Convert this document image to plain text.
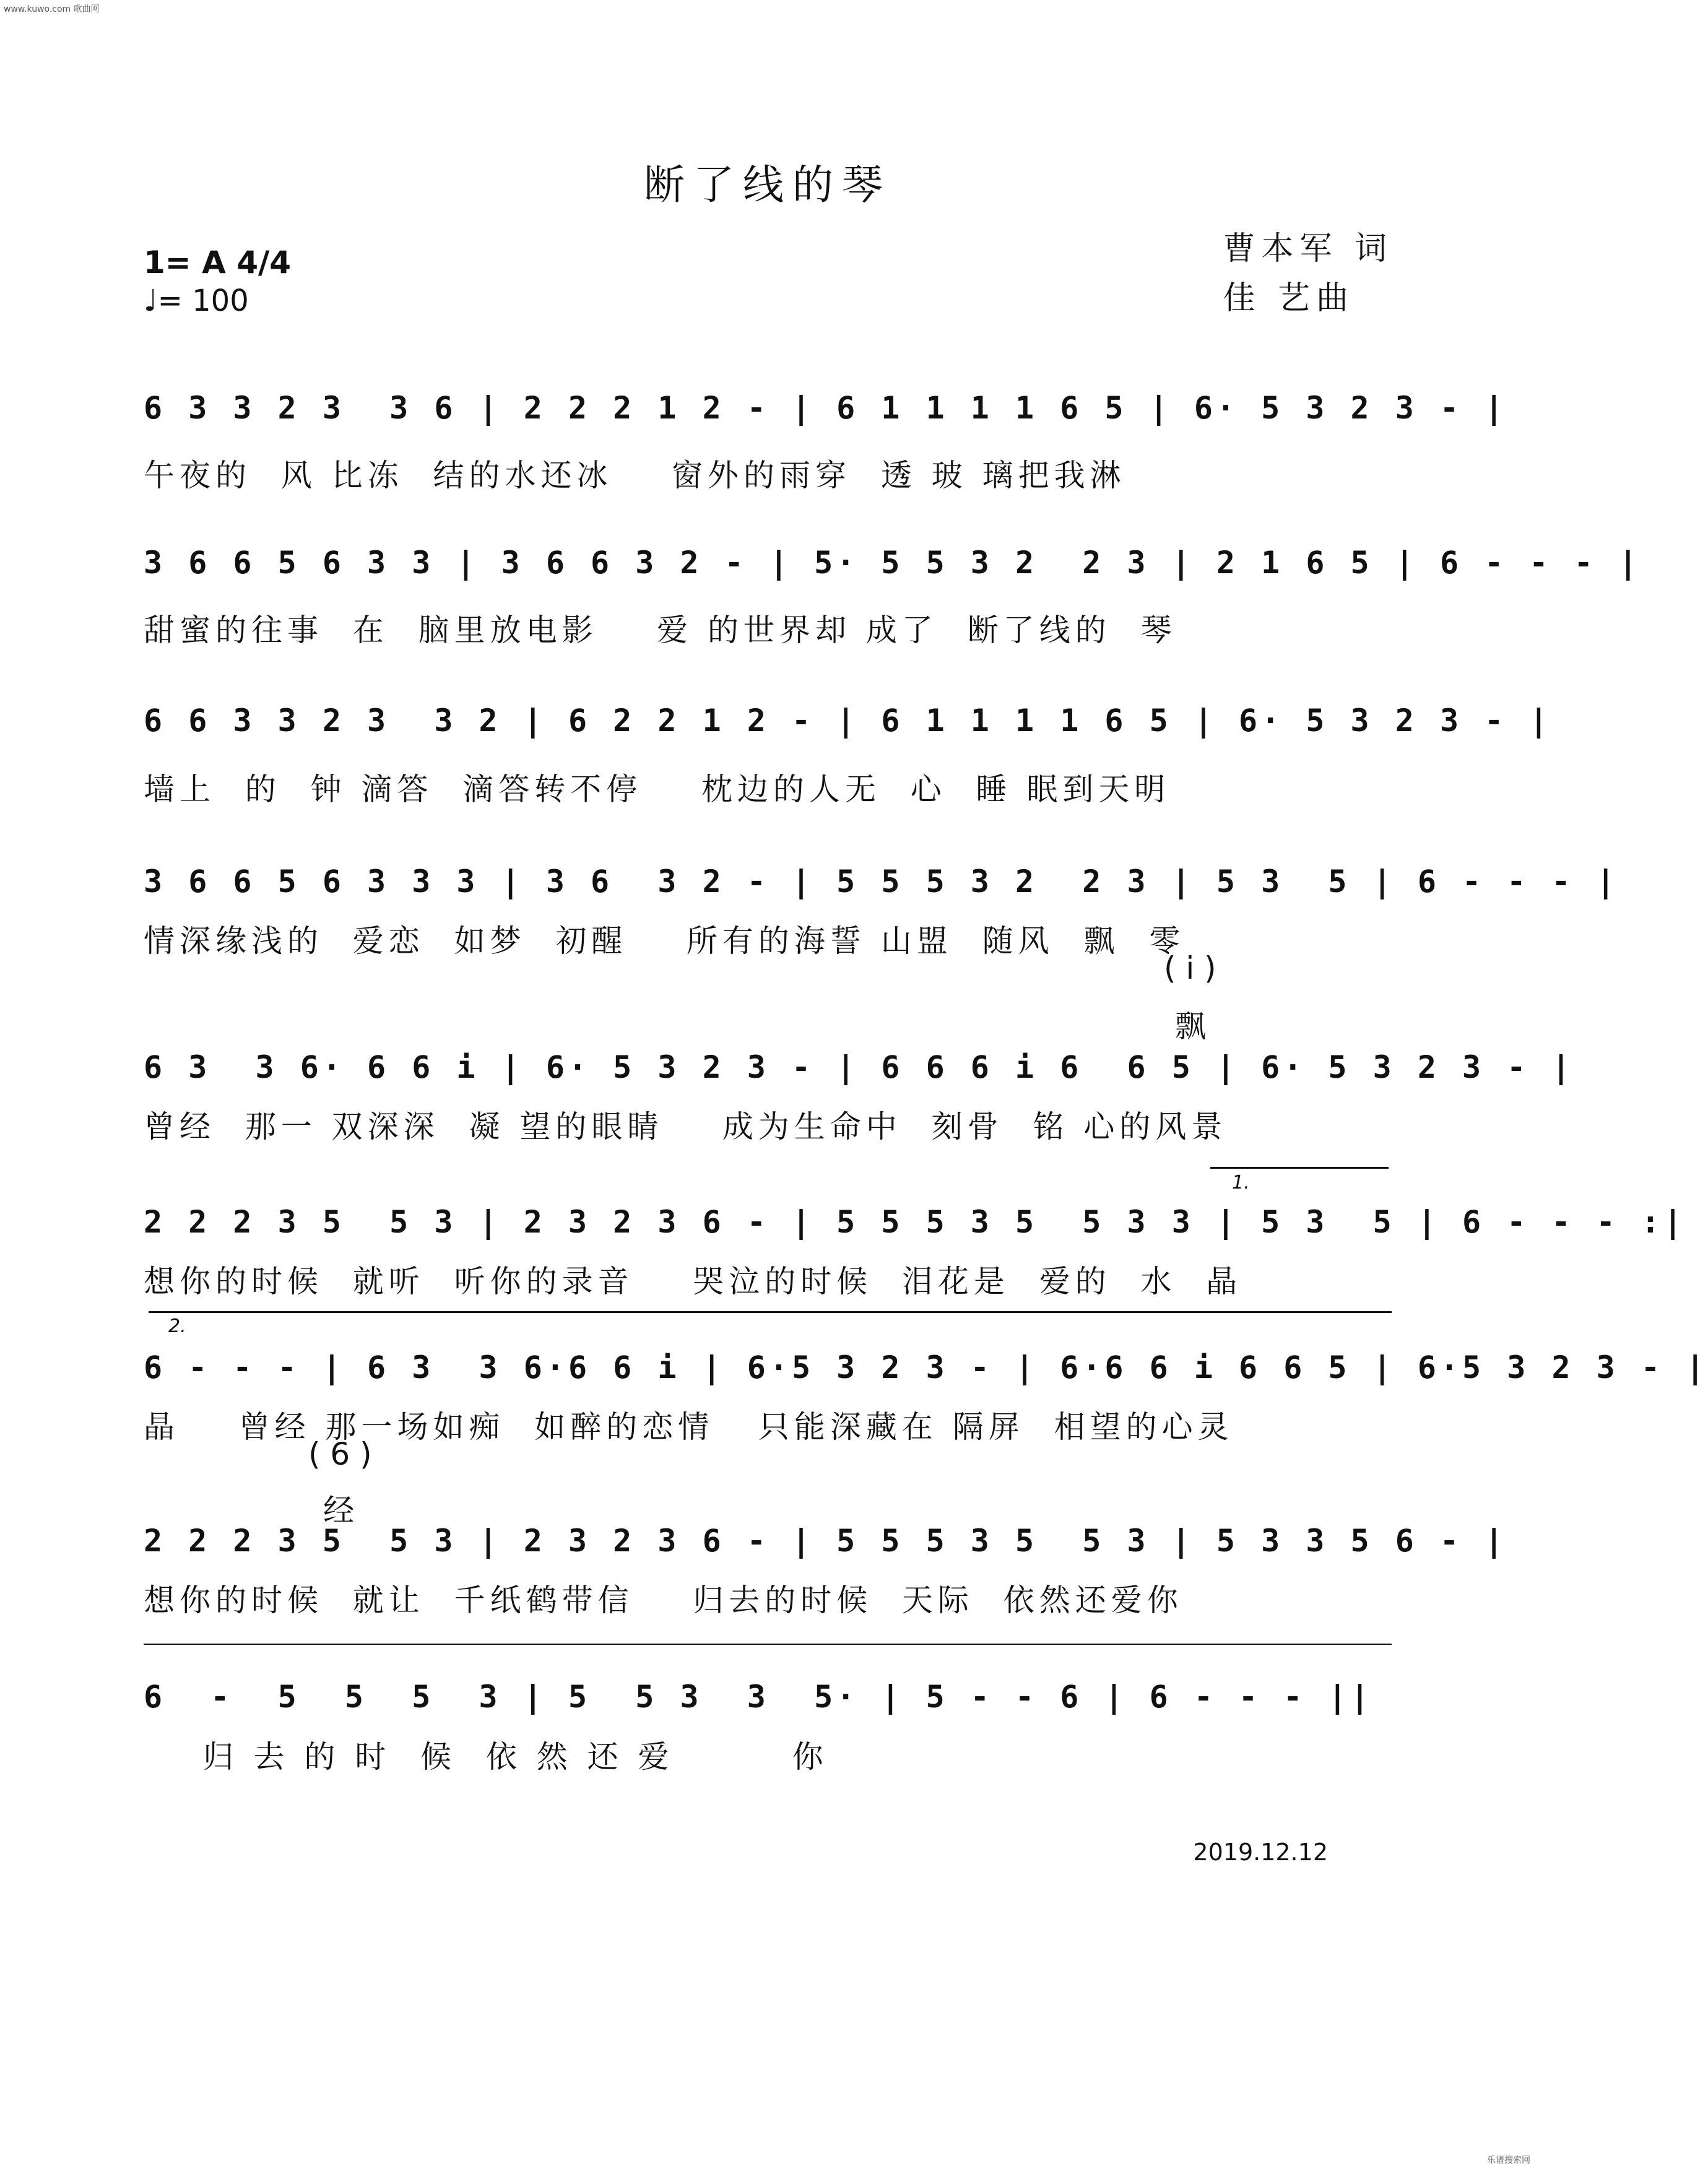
www.kuwo.com 歌曲网
乐谱搜索网
断了线的琴
1= A 4/4
♩= 100
曹本军 词
佳 艺曲
6 3 3 2 3  3 6 | 2 2 2 1 2 - | 6 1 1 1 1 6 5 | 6· 5 3 2 3 - |
午夜的  风 比冻  结的水还冰    窗外的雨穿  透 玻 璃把我淋
3 6 6 5 6 3 3 | 3 6 6 3 2 - | 5· 5 5 3 2  2 3 | 2 1 6 5 | 6 - - - |
甜蜜的往事  在  脑里放电影    爱 的世界却 成了  断了线的  琴
6 6 3 3 2 3  3 2 | 6 2 2 1 2 - | 6 1 1 1 1 6 5 | 6· 5 3 2 3 - |
墙上  的  钟 滴答  滴答转不停    枕边的人无  心  睡 眠到天明
3 6 6 5 6 3 3 3 | 3 6  3 2 - | 5 5 5 3 2  2 3 | 5 3  5 | 6 - - - |
情深缘浅的  爱恋  如梦  初醒    所有的海誓 山盟  随风  飘  零
( i )
飘
6 3  3 6· 6 6 i | 6· 5 3 2 3 - | 6 6 6 i 6  6 5 | 6· 5 3 2 3 - |
曾经  那一 双深深  凝 望的眼睛    成为生命中  刻骨  铭 心的风景
1.
2 2 2 3 5  5 3 | 2 3 2 3 6 - | 5 5 5 3 5  5 3 3 | 5 3  5 | 6 - - - :|
想你的时候  就听  听你的录音    哭泣的时候  泪花是  爱的  水  晶
2.
6 - - - | 6 3  3 6·6 6 i | 6·5 3 2 3 - | 6·6 6 i 6 6 5 | 6·5 3 2 3 - |
晶    曾经 那一场如痴  如醉的恋情   只能深藏在 隔屏  相望的心灵
( 6 )
经
2 2 2 3 5  5 3 | 2 3 2 3 6 - | 5 5 5 3 5  5 3 | 5 3 3 5 6 - |
想你的时候  就让  千纸鹤带信    归去的时候  天际  依然还爱你
6  -  5  5  5  3 | 5  5 3  3  5· | 5 - - 6 | 6 - - - ||
归 去 的 时  候  依 然 还 爱        你
2019.12.12
